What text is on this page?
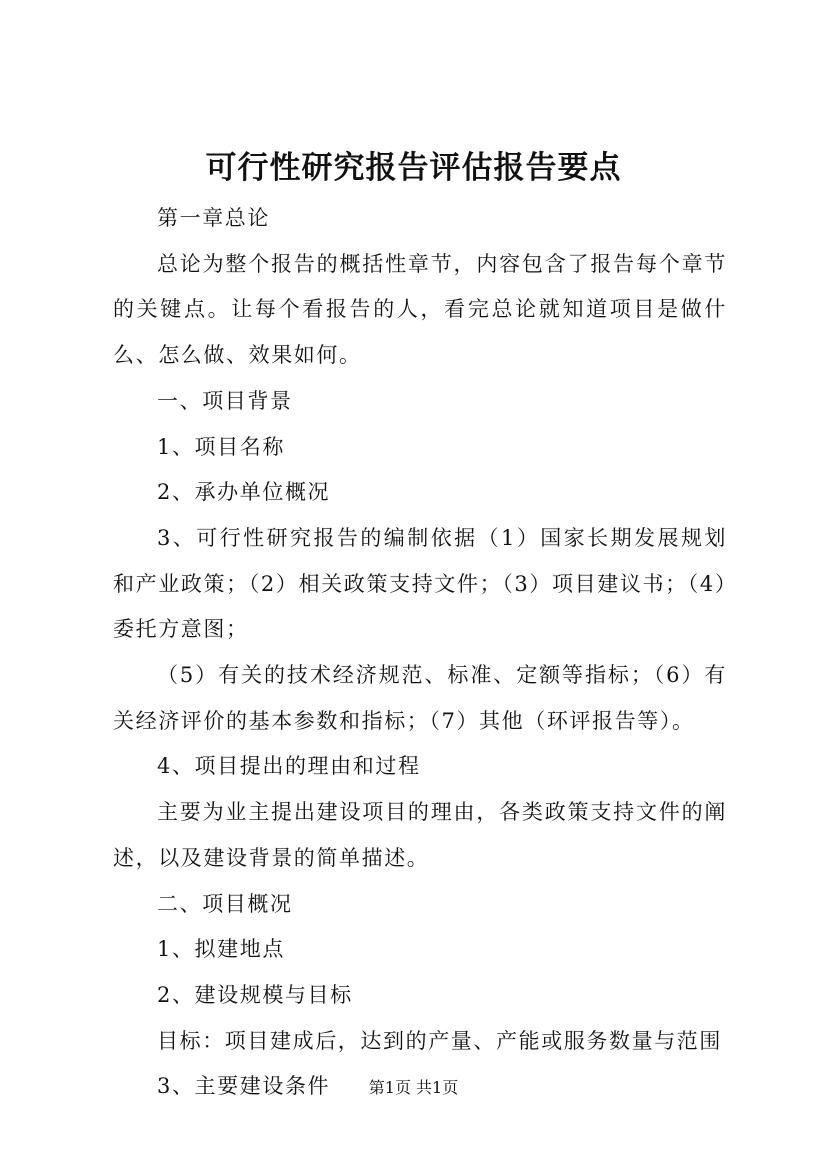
可行性研究报告评估报告要点

第一章总论

总论为整个报告的概括性章节，内容包含了报告每个章节的关键点。让每个看报告的人，看完总论就知道项目是做什么、怎么做、效果如何。

一、项目背景

1、项目名称

2、承办单位概况

3、可行性研究报告的编制依据（1）国家长期发展规划和产业政策；（2）相关政策支持文件；（3）项目建议书；（4）委托方意图；

（5）有关的技术经济规范、标准、定额等指标；（6）有关经济评价的基本参数和指标；（7）其他（环评报告等）。

4、项目提出的理由和过程

主要为业主提出建设项目的理由，各类政策支持文件的阐述，以及建设背景的简单描述。

二、项目概况

1、拟建地点

2、建设规模与目标

目标：项目建成后，达到的产量、产能或服务数量与范围

3、主要建设条件	第1页 共1页
